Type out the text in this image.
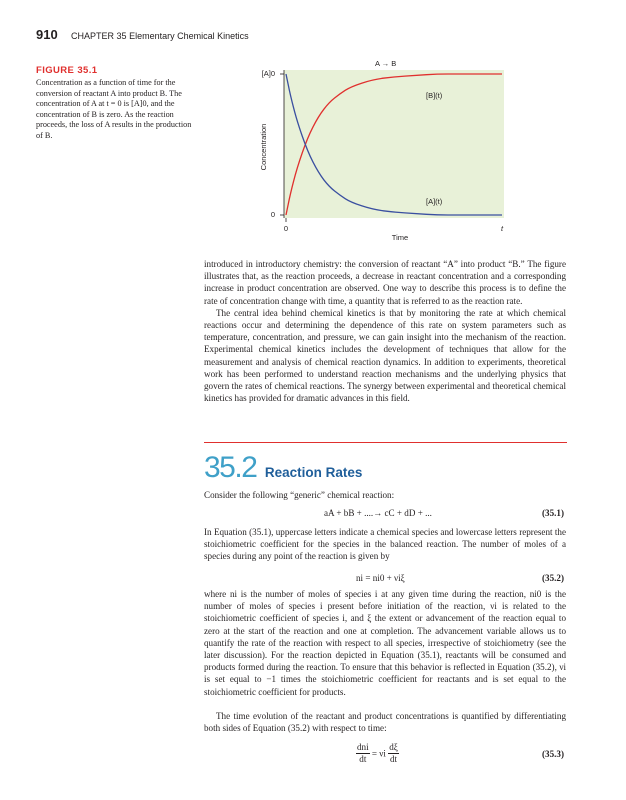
910 CHAPTER 35 Elementary Chemical Kinetics
FIGURE 35.1
Concentration as a function of time for the conversion of reactant A into product B. The concentration of A at t = 0 is [A]0, and the concentration of B is zero. As the reaction proceeds, the loss of A results in the production of B.
A → B
[A]0
0
0	t
Time
Concentration
[B](t)
[A](t)

introduced in introductory chemistry: the conversion of reactant “A” into product “B.” The figure illustrates that, as the reaction proceeds, a decrease in reactant concentration and a corresponding increase in product concentration are observed. One way to describe this process is to define the rate of concentration change with time, a quantity that is referred to as the reaction rate.

The central idea behind chemical kinetics is that by monitoring the rate at which chemical reactions occur and determining the dependence of this rate on system parameters such as temperature, concentration, and pressure, we can gain insight into the mechanism of the reaction. Experimental chemical kinetics includes the development of techniques that allow for the measurement and analysis of chemical reaction dynamics. In addition to experiments, theoretical work has been performed to understand reaction mechanisms and the underlying physics that govern the rates of chemical reactions. The synergy between experimental and theoretical chemical kinetics has provided for dramatic advances in this field.

35.2 Reaction Rates
Consider the following “generic” chemical reaction:
aA + bB + ....→ cC + dD + ...	(35.1)
In Equation (35.1), uppercase letters indicate a chemical species and lowercase letters represent the stoichiometric coefficient for the species in the balanced reaction. The number of moles of a species during any point of the reaction is given by
ni = ni0 + νiξ	(35.2)
where ni is the number of moles of species i at any given time during the reaction, ni0 is the number of moles of species i present before initiation of the reaction, νi is related to the stoichiometric coefficient of species i, and ξ the extent or advancement of the reaction equal to zero at the start of the reaction and one at completion. The advancement variable allows us to quantify the rate of the reaction with respect to all species, irrespective of stoichiometry (see the later discussion). For the reaction depicted in Equation (35.1), reactants will be consumed and products formed during the reaction. To ensure that this behavior is reflected in Equation (35.2), νi is set equal to −1 times the stoichiometric coefficient for reactants and is set equal to the stoichiometric coefficient for products.
The time evolution of the reactant and product concentrations is quantified by differentiating both sides of Equation (35.2) with respect to time:
$\frac{\text{dni}}{dt} = \nu i \frac{d\xi}{dt}$	(35.3)
